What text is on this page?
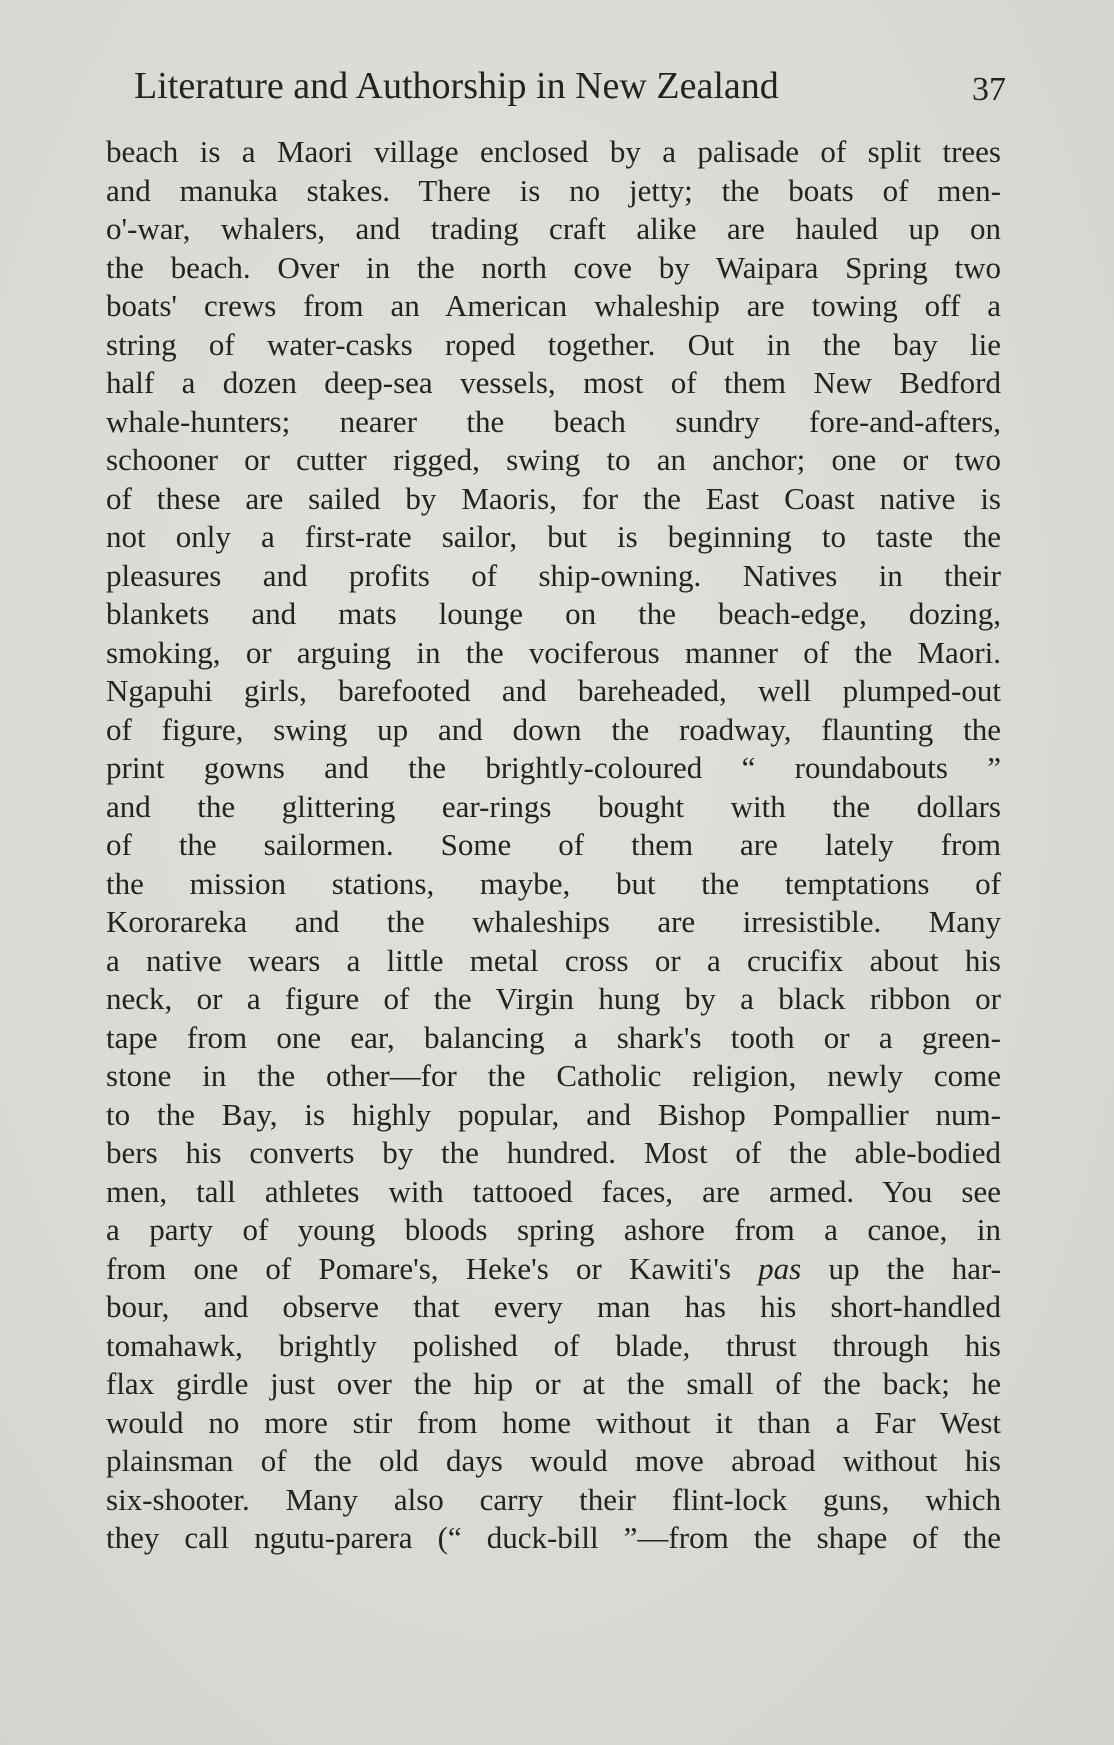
Literature and Authorship in New Zealand	37
beach is a Maori village enclosed by a palisade of split trees
and manuka stakes. There is no jetty; the boats of men-
o'-war, whalers, and trading craft alike are hauled up on
the beach. Over in the north cove by Waipara Spring two
boats' crews from an American whaleship are towing off a
string of water-casks roped together. Out in the bay lie
half a dozen deep-sea vessels, most of them New Bedford
whale-hunters; nearer the beach sundry fore-and-afters,
schooner or cutter rigged, swing to an anchor; one or two
of these are sailed by Maoris, for the East Coast native is
not only a first-rate sailor, but is beginning to taste the
pleasures and profits of ship-owning. Natives in their
blankets and mats lounge on the beach-edge, dozing,
smoking, or arguing in the vociferous manner of the Maori.
Ngapuhi girls, barefooted and bareheaded, well plumped-out
of figure, swing up and down the roadway, flaunting the
print gowns and the brightly-coloured “ roundabouts ”
and the glittering ear-rings bought with the dollars
of the sailormen. Some of them are lately from
the mission stations, maybe, but the temptations of
Kororareka and the whaleships are irresistible. Many
a native wears a little metal cross or a crucifix about his
neck, or a figure of the Virgin hung by a black ribbon or
tape from one ear, balancing a shark's tooth or a green-
stone in the other—for the Catholic religion, newly come
to the Bay, is highly popular, and Bishop Pompallier num-
bers his converts by the hundred. Most of the able-bodied
men, tall athletes with tattooed faces, are armed. You see
a party of young bloods spring ashore from a canoe, in
from one of Pomare's, Heke's or Kawiti's pas up the har-
bour, and observe that every man has his short-handled
tomahawk, brightly polished of blade, thrust through his
flax girdle just over the hip or at the small of the back; he
would no more stir from home without it than a Far West
plainsman of the old days would move abroad without his
six-shooter. Many also carry their flint-lock guns, which
they call ngutu-parera (“ duck-bill ”—from the shape of the
